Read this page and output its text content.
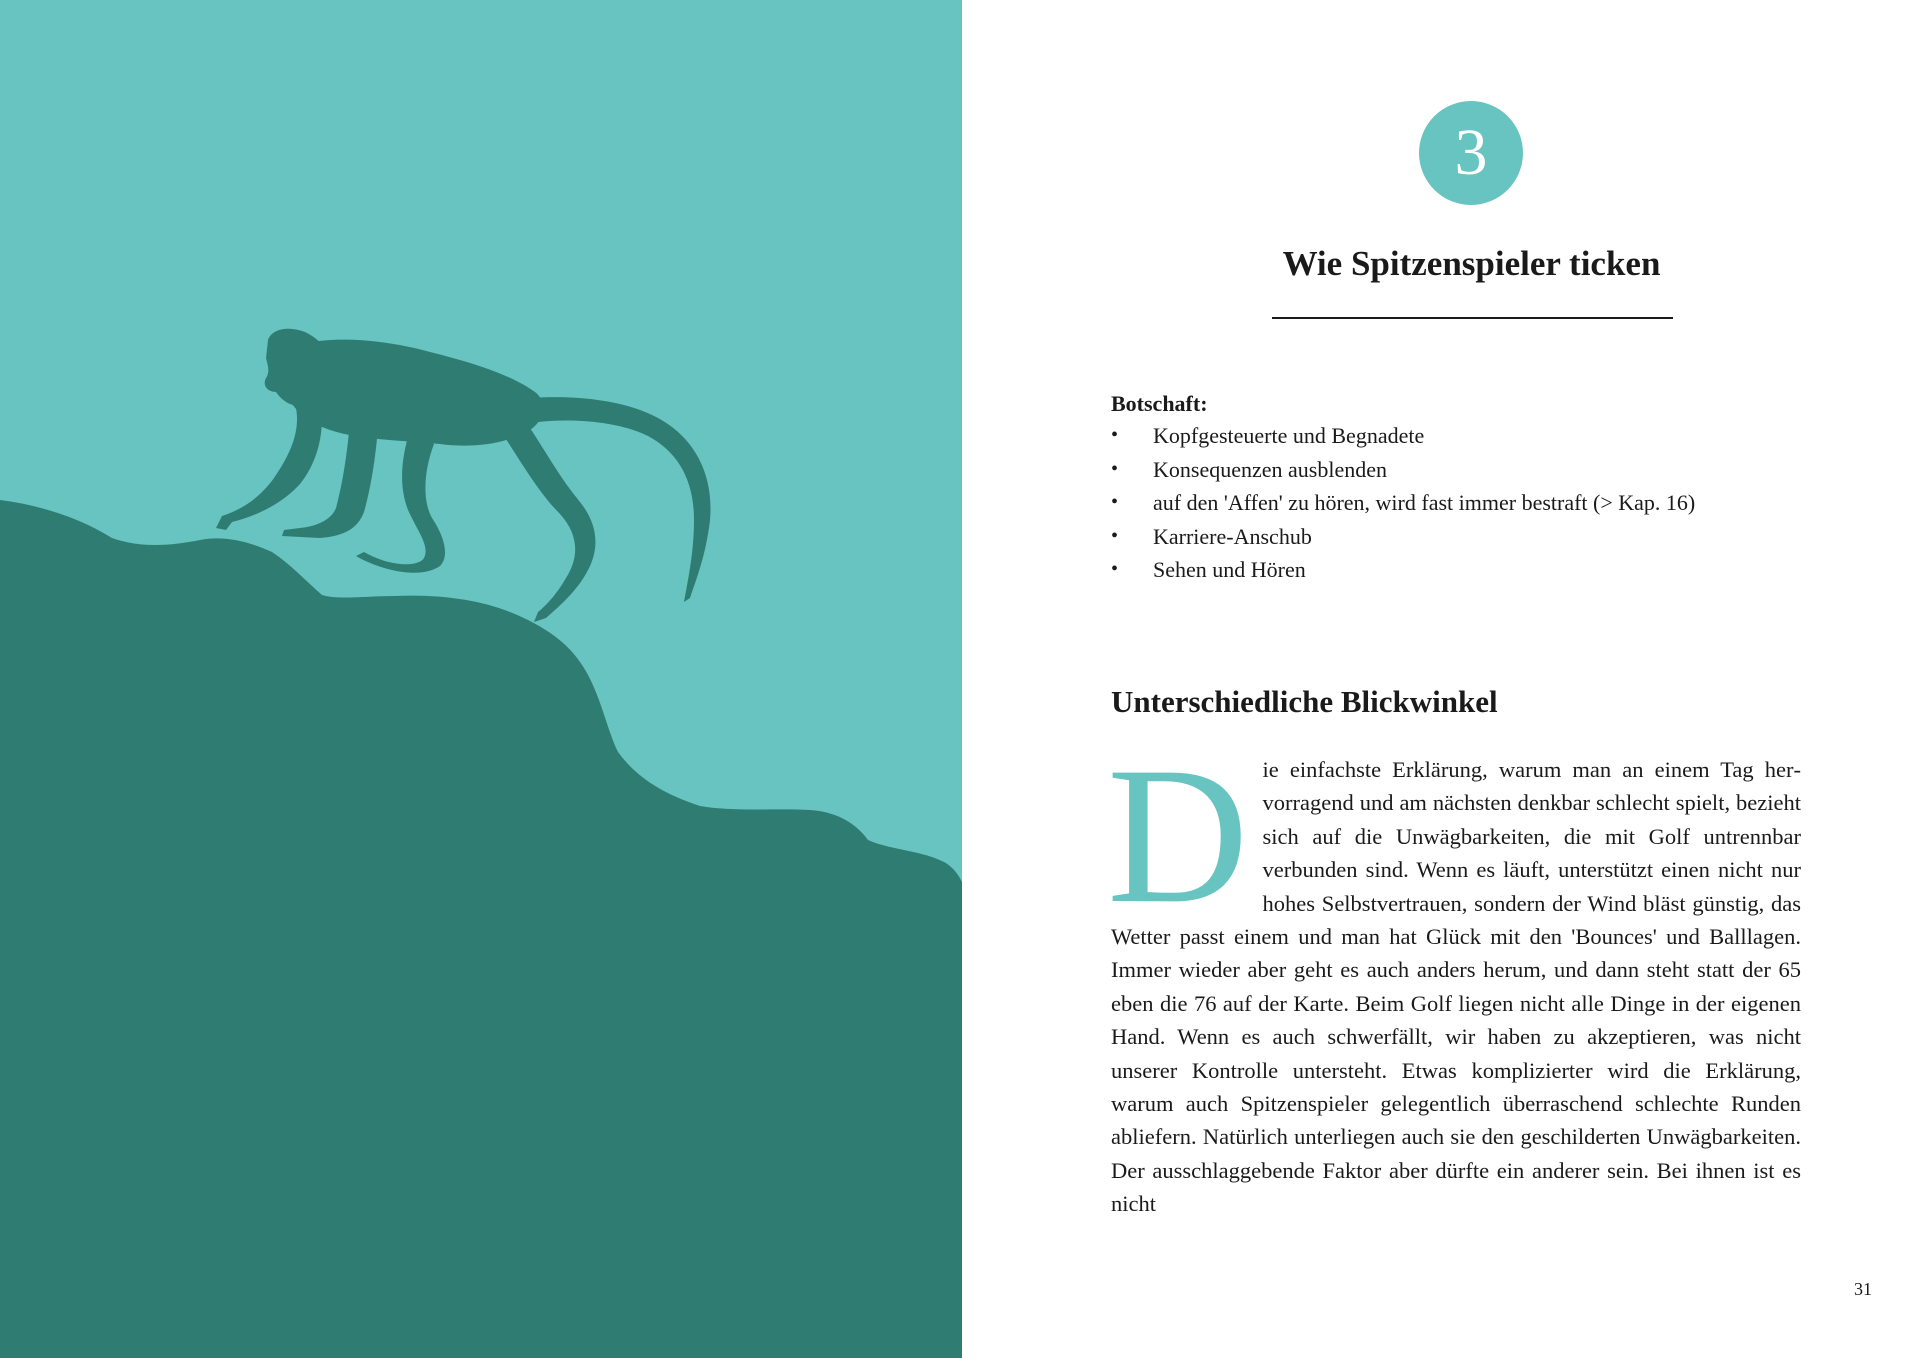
3
Wie Spitzenspieler ticken
Botschaft:
• Kopfgesteuerte und Begnadete
• Konsequenzen ausblenden
• auf den 'Affen' zu hören, wird fast immer bestraft (> Kap. 16)
• Karriere-Anschub
• Sehen und Hören
Unterschiedliche Blickwinkel

Die einfachste Erklärung, warum man an einem Tag hervorragend und am nächsten denkbar schlecht spielt, bezieht sich auf die Unwägbarkeiten, die mit Golf untrennbar verbunden sind. Wenn es läuft, unterstützt einen nicht nur hohes Selbstvertrauen, sondern der Wind bläst günstig, das Wetter passt einem und man hat Glück mit den 'Bounces' und Balllagen. Immer wieder aber geht es auch anders herum, und dann steht statt der 65 eben die 76 auf der Karte. Beim Golf liegen nicht alle Dinge in der eigenen Hand. Wenn es auch schwerfällt, wir haben zu akzeptieren, was nicht unserer Kontrolle untersteht. Etwas komplizierter wird die Erklärung, warum auch Spitzenspieler gelegentlich überraschend schlechte Runden abliefern. Natürlich unterliegen auch sie den geschilderten Unwägbarkeiten. Der ausschlaggebende Faktor aber dürfte ein anderer sein. Bei ihnen ist es nicht

31
